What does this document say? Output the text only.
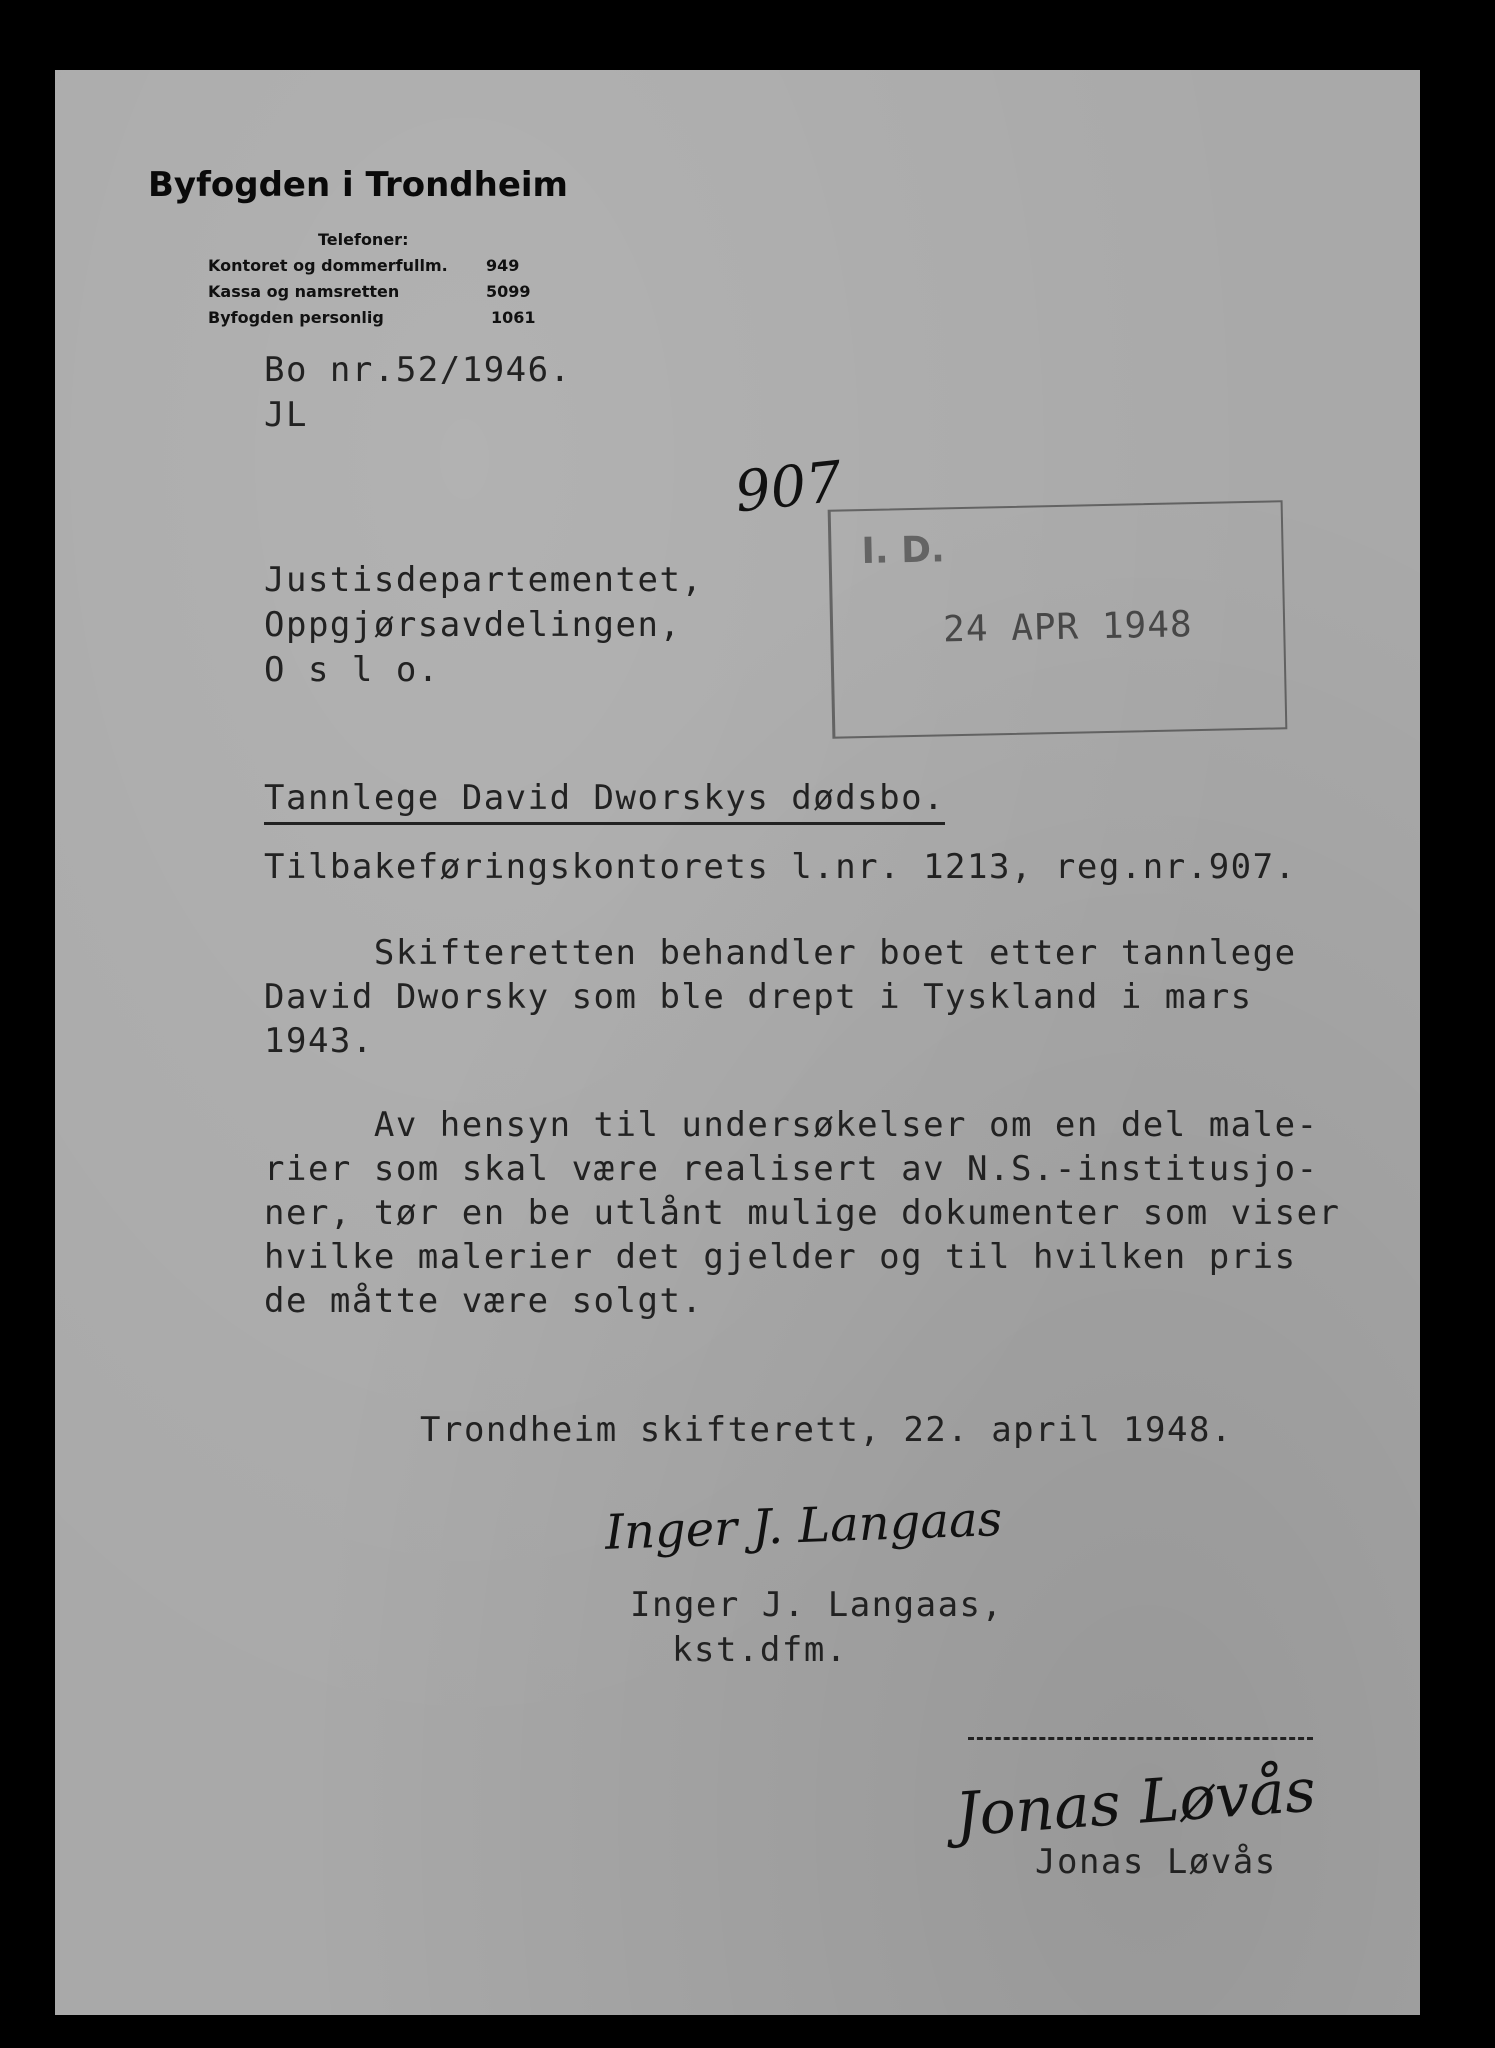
Byfogden i Trondheim
Telefoner:
Kontoret og dommerfullm. 949
Kassa og namsretten	5099
Byfogden personlig	1061
Bo nr.52/1946.
JL
907
Justisdepartementet,
Oppgjørsavdelingen,
O s l o.
I. D.
24 APR 1948
Tannlege David Dworskys dødsbo.
Tilbakeføringskontorets l.nr. 1213, reg.nr.907.
Skifteretten behandler boet etter tannlege
David Dworsky som ble drept i Tyskland i mars
1943.
Av hensyn til undersøkelser om en del male-
rier som skal være realisert av N.S.-institusjo-
ner, tør en be utlånt mulige dokumenter som viser
hvilke malerier det gjelder og til hvilken pris
de måtte være solgt.
Trondheim skifterett, 22. april 1948.
Inger J. Langaas
Inger J. Langaas,
kst.dfm.
Jonas Løvås
Jonas Løvås
